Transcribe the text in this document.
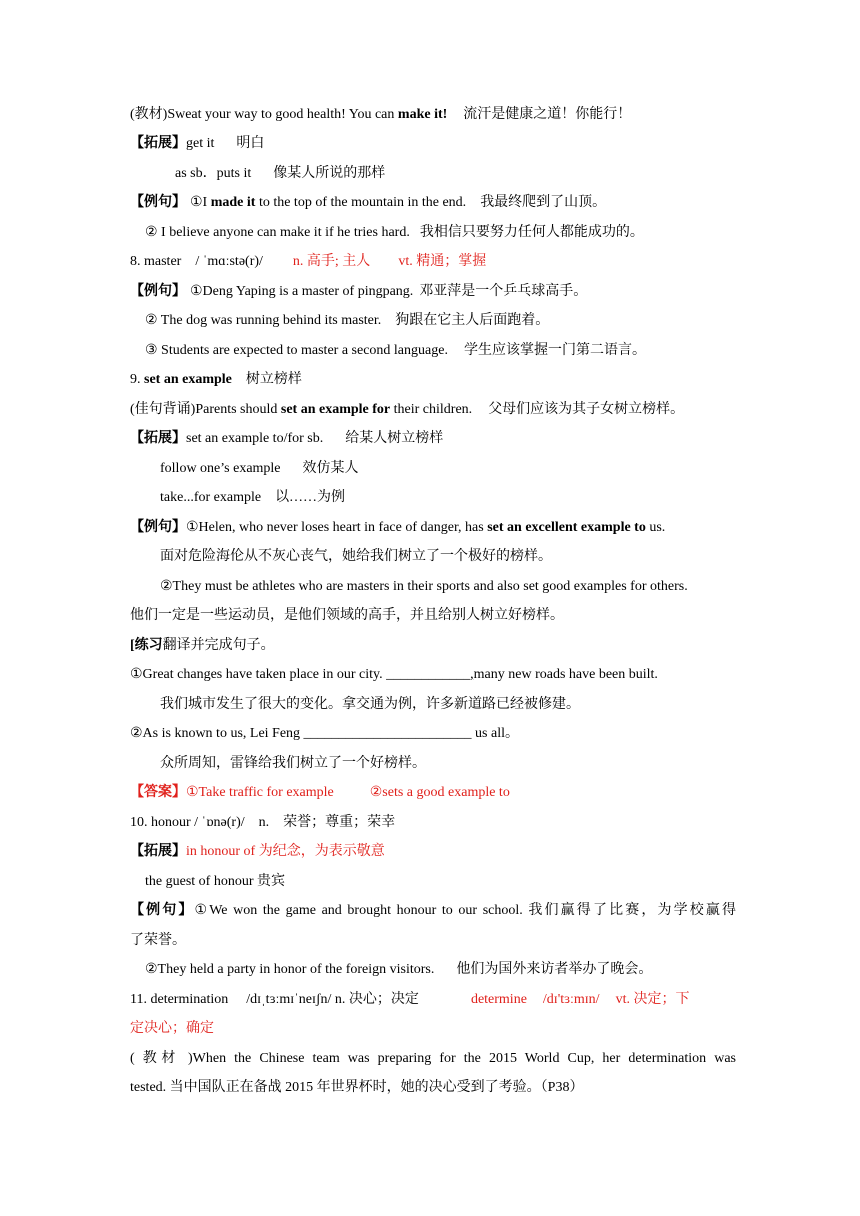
(教材)Sweat your way to good health! You can make it! 流汗是健康之道！你能行！
【拓展】get it 明白
as sb．puts it 像某人所说的那样
【例句】 ①I made it to the top of the mountain in the end. 我最终爬到了山顶。
② I believe anyone can make it if he tries hard. 我相信只要努力任何人都能成功的。
8. master / ˈmɑːstə(r)/ n. 高手; 主人 vt. 精通；掌握
【例句】 ①Deng Yaping is a master of pingpang. 邓亚萍是一个乒乓球高手。
② The dog was running behind its master. 狗跟在它主人后面跑着。
③ Students are expected to master a second language. 学生应该掌握一门第二语言。
9. set an example 树立榜样
(佳句背诵)Parents should set an example for their children. 父母们应该为其子女树立榜样。
【拓展】set an example to/for sb. 给某人树立榜样
follow one’s example 效仿某人
take...for example 以……为例
【例句】①Helen, who never loses heart in face of danger, has set an excellent example to us.
面对危险海伦从不灰心丧气，她给我们树立了一个极好的榜样。
②They must be athletes who are masters in their sports and also set good examples for others.
他们一定是一些运动员，是他们领域的高手，并且给别人树立好榜样。
[练习翻译并完成句子。
①Great changes have taken place in our city. ____________,many new roads have been built.
我们城市发生了很大的变化。拿交通为例，许多新道路已经被修建。
②As is known to us, Lei Feng ________________________ us all。
众所周知，雷锋给我们树立了一个好榜样。
【答案】①Take traffic for example	②sets a good example to
10. honour / ˈɒnə(r)/ n. 荣誉；尊重；荣幸
【拓展】in honour of 为纪念，为表示敬意
the guest of honour 贵宾
【例句】①We won the game and brought honour to our school. 我们赢得了比赛，为学校赢得
了荣誉。
②They held a party in honor of the foreign visitors. 他们为国外来访者举办了晚会。
11. determination /dɪˌtɜːmɪˈneɪʃn/ n. 决心；决定	determine /dɪ'tɜːmɪn/ vt. 决定；下
定决心；确定
( 教材 )When the Chinese team was preparing for the 2015 World Cup, her determination was
tested. 当中国队正在备战 2015 年世界杯时，她的决心受到了考验。（P38）
